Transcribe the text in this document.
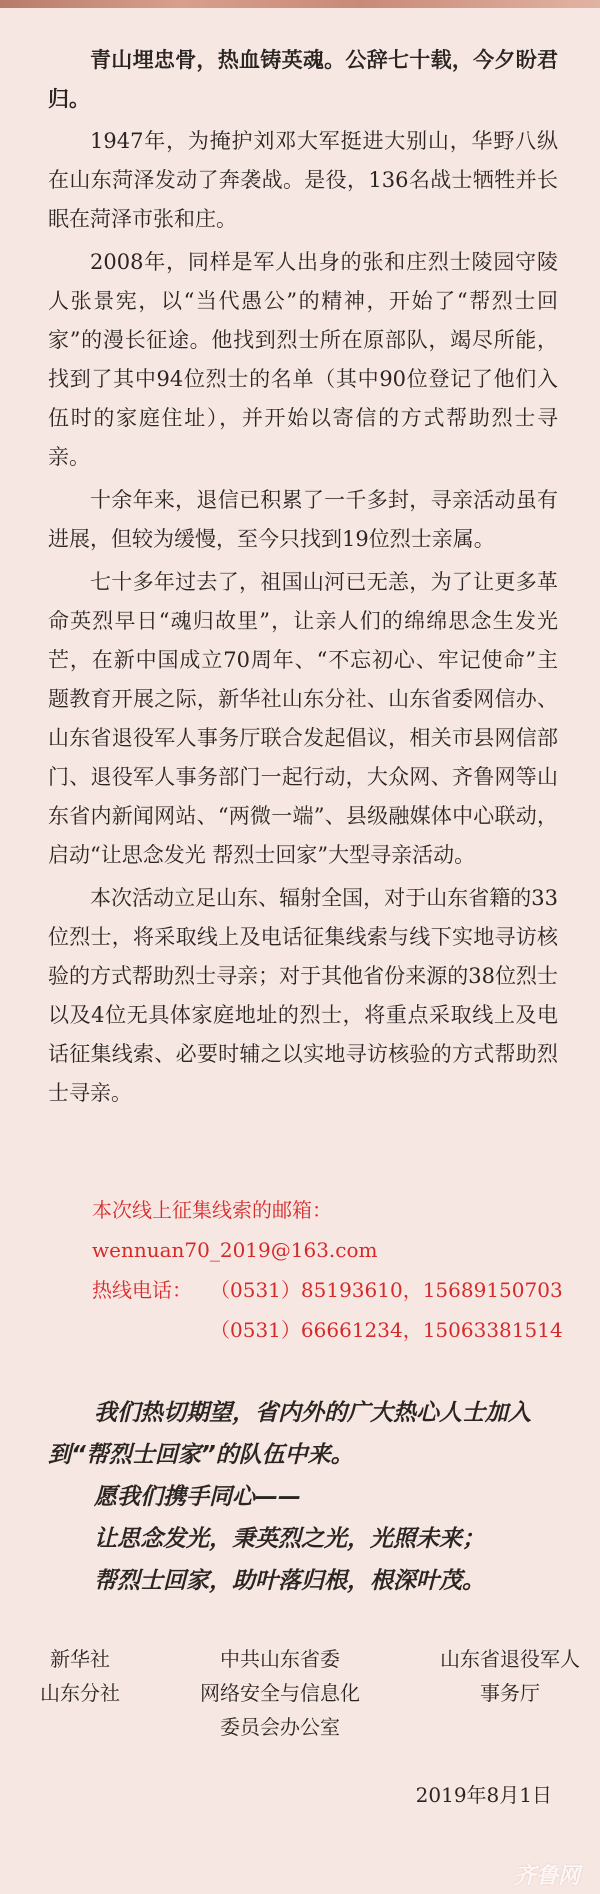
青山埋忠骨，热血铸英魂。公辞七十载，今夕盼君归。

1947年，为掩护刘邓大军挺进大别山，华野八纵在山东菏泽发动了奔袭战。是役，136名战士牺牲并长眠在菏泽市张和庄。

2008年，同样是军人出身的张和庄烈士陵园守陵人张景宪，以“当代愚公”的精神，开始了“帮烈士回家”的漫长征途。他找到烈士所在原部队，竭尽所能，找到了其中94位烈士的名单（其中90位登记了他们入伍时的家庭住址），并开始以寄信的方式帮助烈士寻亲。

十余年来，退信已积累了一千多封，寻亲活动虽有进展，但较为缓慢，至今只找到19位烈士亲属。

七十多年过去了，祖国山河已无恙，为了让更多革命英烈早日“魂归故里”，让亲人们的绵绵思念生发光芒，在新中国成立70周年、“不忘初心、牢记使命”主题教育开展之际，新华社山东分社、山东省委网信办、山东省退役军人事务厅联合发起倡议，相关市县网信部门、退役军人事务部门一起行动，大众网、齐鲁网等山东省内新闻网站、“两微一端”、县级融媒体中心联动，启动“让思念发光 帮烈士回家”大型寻亲活动。

本次活动立足山东、辐射全国，对于山东省籍的33位烈士，将采取线上及电话征集线索与线下实地寻访核验的方式帮助烈士寻亲；对于其他省份来源的38位烈士以及4位无具体家庭地址的烈士，将重点采取线上及电话征集线索、必要时辅之以实地寻访核验的方式帮助烈士寻亲。

本次线上征集线索的邮箱：
wennuan70_2019@163.com
热线电话： （0531）85193610，15689150703
（0531）66661234，15063381514
我们热切期望，省内外的广大热心人士加入
到“帮烈士回家”的队伍中来。
愿我们携手同心——
让思念发光，秉英烈之光，光照未来；
帮烈士回家，助叶落归根，根深叶茂。
新华社
山东分社
中共山东省委
网络安全与信息化
委员会办公室
山东省退役军人
事务厅
2019年8月1日
齐鲁网
